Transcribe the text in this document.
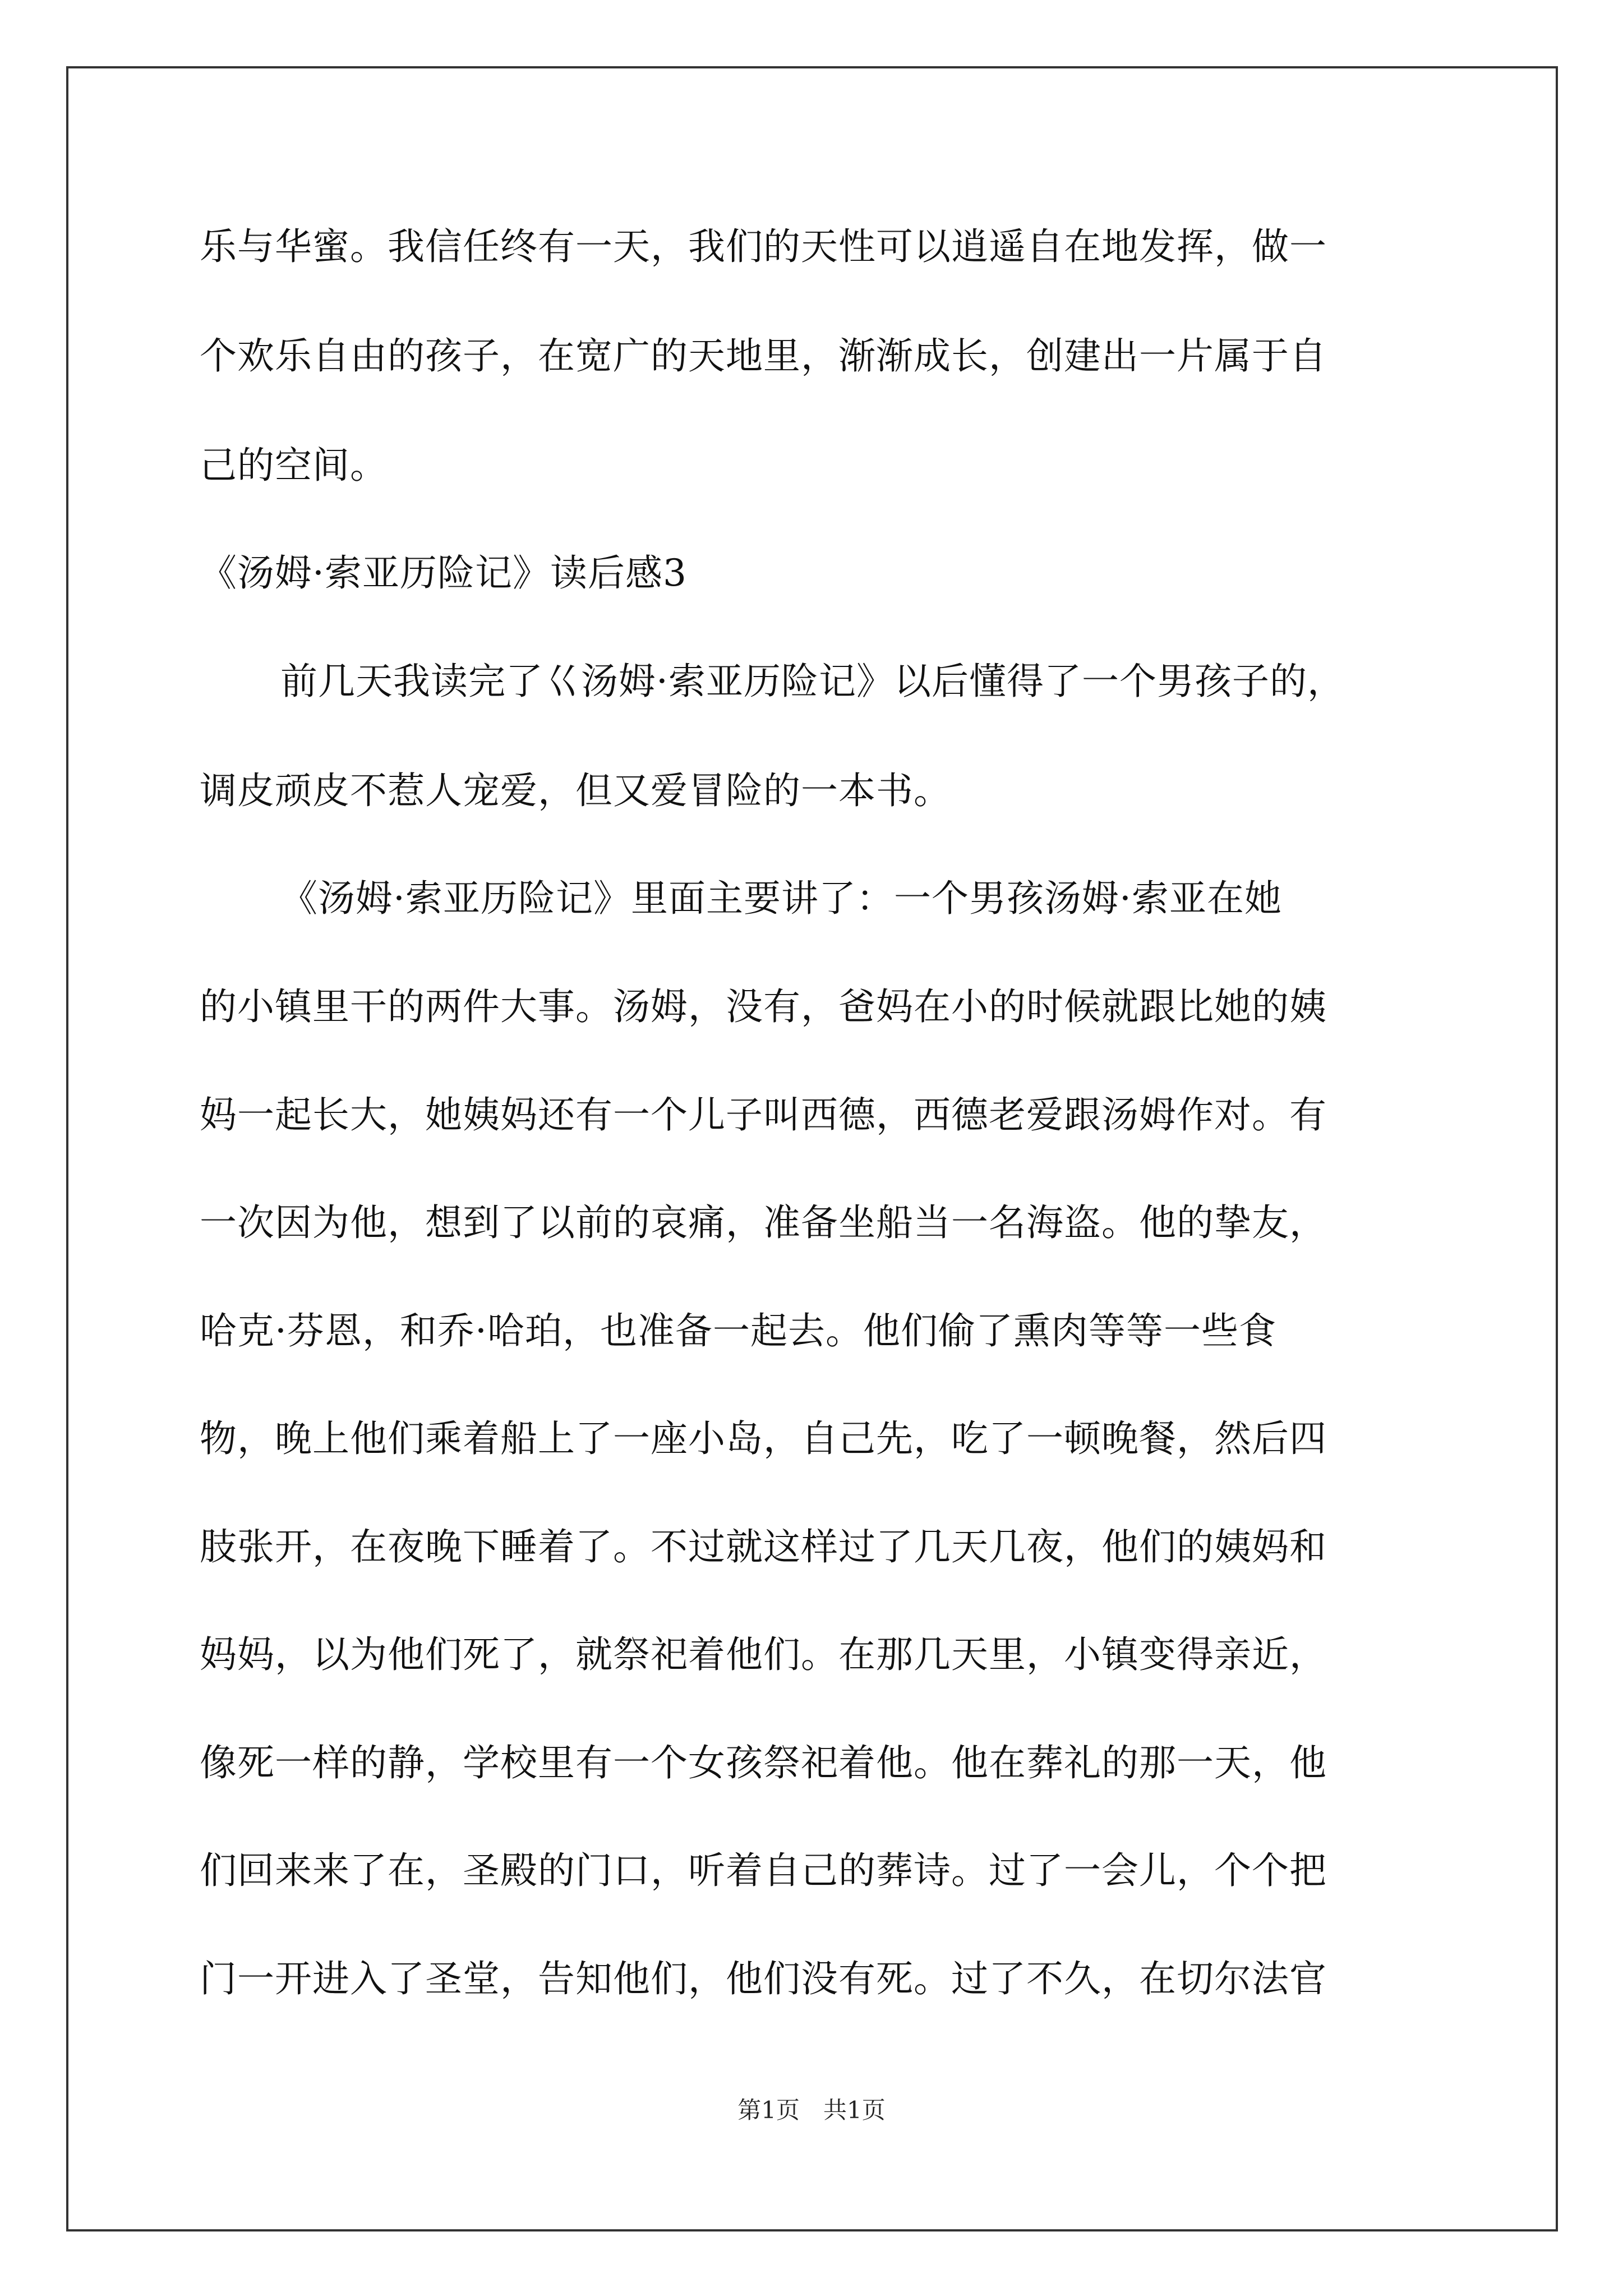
乐与华蜜。我信任终有一天，我们的天性可以逍遥自在地发挥，做一
个欢乐自由的孩子，在宽广的天地里，渐渐成长，创建出一片属于自
己的空间。
《汤姆·索亚历险记》读后感3
前几天我读完了巜汤姆·索亚历险记》以后懂得了一个男孩子的，
调皮顽皮不惹人宠爱，但又爱冒险的一本书。
《汤姆·索亚历险记》里面主要讲了：一个男孩汤姆·索亚在她
的小镇里干的两件大事。汤姆，没有，爸妈在小的时候就跟比她的姨
妈一起长大，她姨妈还有一个儿子叫西德，西德老爱跟汤姆作对。有
一次因为他，想到了以前的哀痛，准备坐船当一名海盗。他的挚友，
哈克·芬恩，和乔·哈珀，也准备一起去。他们偷了熏肉等等一些食
物，晚上他们乘着船上了一座小岛，自己先，吃了一顿晚餐，然后四
肢张开，在夜晚下睡着了。不过就这样过了几天几夜，他们的姨妈和
妈妈，以为他们死了，就祭祀着他们。在那几天里，小镇变得亲近，
像死一样的静，学校里有一个女孩祭祀着他。他在葬礼的那一天，他
们回来来了在，圣殿的门口，听着自己的葬诗。过了一会儿，个个把
门一开进入了圣堂，告知他们，他们没有死。过了不久，在切尔法官
第1页　共1页
